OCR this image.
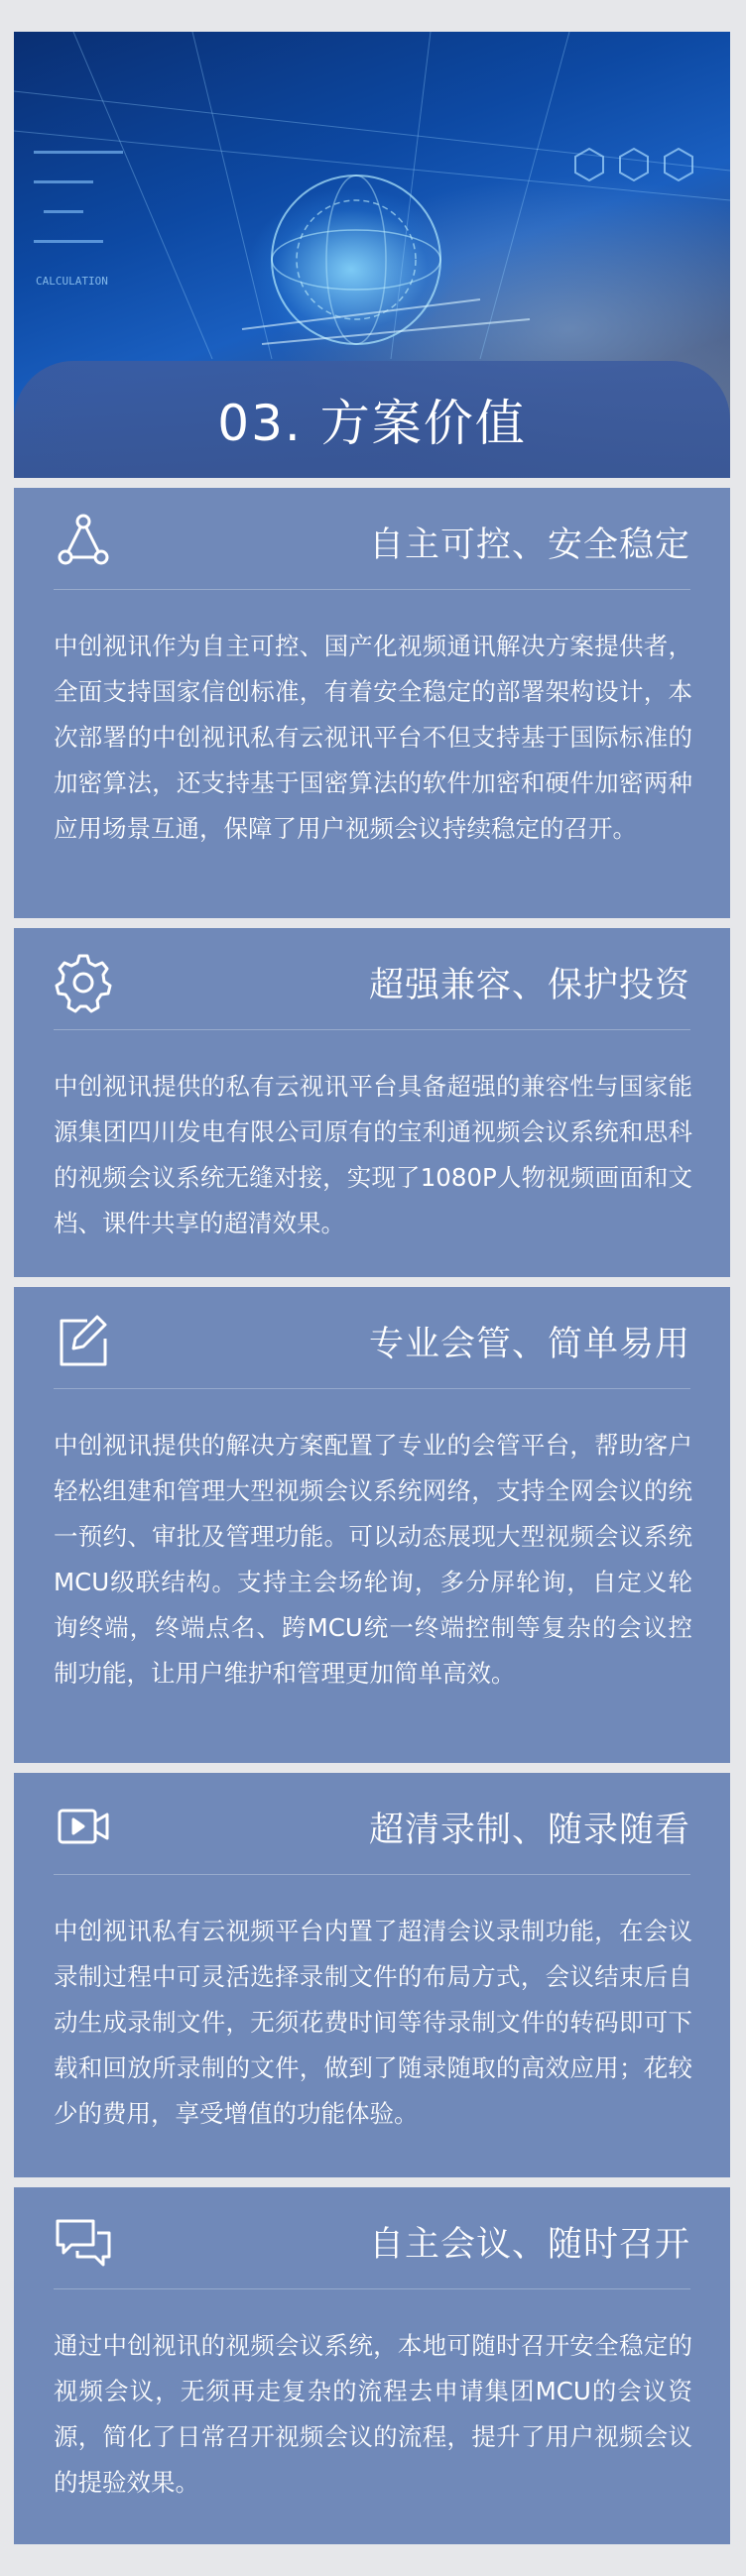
CALCULATION
03. 方案价值
自主可控、安全稳定
中创视讯作为自主可控、国产化视频通讯解决方案提供者，全面支持国家信创标准，有着安全稳定的部署架构设计，本次部署的中创视讯私有云视讯平台不但支持基于国际标准的加密算法，还支持基于国密算法的软件加密和硬件加密两种应用场景互通，保障了用户视频会议持续稳定的召开。
超强兼容、保护投资
中创视讯提供的私有云视讯平台具备超强的兼容性与国家能源集团四川发电有限公司原有的宝利通视频会议系统和思科的视频会议系统无缝对接，实现了1080P人物视频画面和文档、课件共享的超清效果。
专业会管、简单易用
中创视讯提供的解决方案配置了专业的会管平台，帮助客户轻松组建和管理大型视频会议系统网络，支持全网会议的统一预约、审批及管理功能。可以动态展现大型视频会议系统MCU级联结构。支持主会场轮询，多分屏轮询，自定义轮询终端，终端点名、跨MCU统一终端控制等复杂的会议控制功能，让用户维护和管理更加简单高效。
超清录制、随录随看
中创视讯私有云视频平台内置了超清会议录制功能，在会议录制过程中可灵活选择录制文件的布局方式，会议结束后自动生成录制文件，无须花费时间等待录制文件的转码即可下载和回放所录制的文件，做到了随录随取的高效应用；花较少的费用，享受增值的功能体验。
自主会议、随时召开
通过中创视讯的视频会议系统，本地可随时召开安全稳定的视频会议，无须再走复杂的流程去申请集团MCU的会议资源，简化了日常召开视频会议的流程，提升了用户视频会议的提验效果。
